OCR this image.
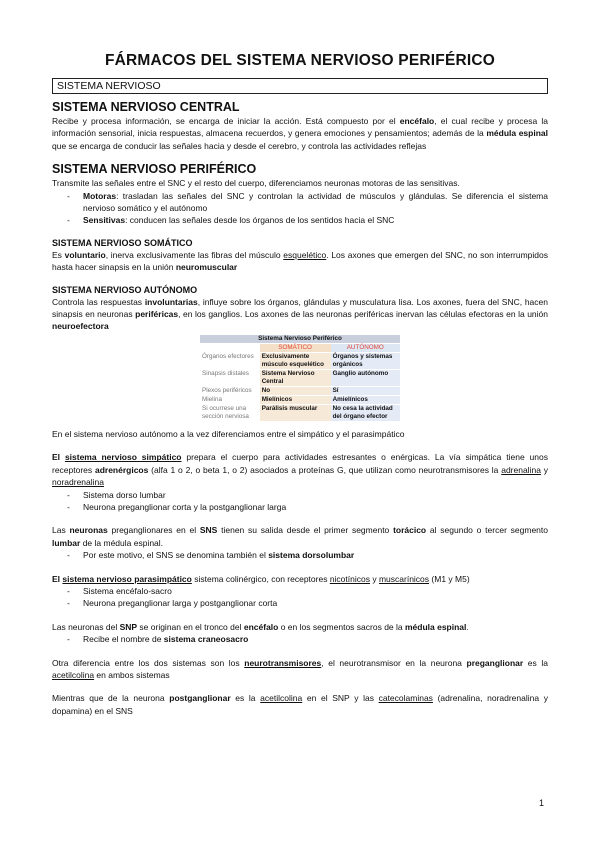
FÁRMACOS DEL SISTEMA NERVIOSO PERIFÉRICO
SISTEMA NERVIOSO
SISTEMA NERVIOSO CENTRAL

Recibe y procesa información, se encarga de iniciar la acción. Está compuesto por el encéfalo, el cual recibe y procesa la información sensorial, inicia respuestas, almacena recuerdos, y genera emociones y pensamientos; además de la médula espinal que se encarga de conducir las señales hacia y desde el cerebro, y controla las actividades reflejas

SISTEMA NERVIOSO PERIFÉRICO

Transmite las señales entre el SNC y el resto del cuerpo, diferenciamos neuronas motoras de las sensitivas.

- Motoras: trasladan las señales del SNC y controlan la actividad de músculos y glándulas. Se diferencia el sistema nervioso somático y el autónomo
- Sensitivas: conducen las señales desde los órganos de los sentidos hacia el SNC
SISTEMA NERVIOSO SOMÁTICO

Es voluntario, inerva exclusivamente las fibras del músculo esquelético. Los axones que emergen del SNC, no son interrumpidos hasta hacer sinapsis en la unión neuromuscular

SISTEMA NERVIOSO AUTÓNOMO

Controla las respuestas involuntarias, influye sobre los órganos, glándulas y musculatura lisa. Los axones, fuera del SNC, hacen sinapsis en neuronas periféricas, en los ganglios. Los axones de las neuronas periféricas inervan las células efectoras en la unión neuroefectora

Sistema Nervioso Periférico		
	SOMÁTICO	AUTÓNOMO
Órganos efectores	Exclusivamente músculo esquelético	Órganos y sistemas orgánicos
Sinapsis distales	Sistema Nervioso Central	Ganglio autónomo
Plexos periféricos	No	Sí
Mielina	Mielínicos	Amielínicos
Si ocurrese una sección nerviosa	Parálisis muscular	No cesa la actividad del órgano efector

En el sistema nervioso autónomo a la vez diferenciamos entre el simpático y el parasimpático

El sistema nervioso simpático prepara el cuerpo para actividades estresantes o enérgicas. La vía simpática tiene unos receptores adrenérgicos (alfa 1 o 2, o beta 1, o 2) asociados a proteínas G, que utilizan como neurotransmisores la adrenalina y noradrenalina

- Sistema dorso lumbar
- Neurona preganglionar corta y la postganglionar larga

Las neuronas preganglionares en el SNS tienen su salida desde el primer segmento torácico al segundo o tercer segmento lumbar de la médula espinal.

- Por este motivo, el SNS se denomina también el sistema dorsolumbar

El sistema nervioso parasimpático sistema colinérgico, con receptores nicotínicos y muscarínicos (M1 y M5)

- Sistema encéfalo-sacro
- Neurona preganglionar larga y postganglionar corta

Las neuronas del SNP se originan en el tronco del encéfalo o en los segmentos sacros de la médula espinal.

- Recibe el nombre de sistema craneosacro

Otra diferencia entre los dos sistemas son los neurotransmisores, el neurotransmisor en la neurona preganglionar es la acetilcolina en ambos sistemas

Mientras que de la neurona postganglionar es la acetilcolina en el SNP y las catecolaminas (adrenalina, noradrenalina y dopamina) en el SNS

1
